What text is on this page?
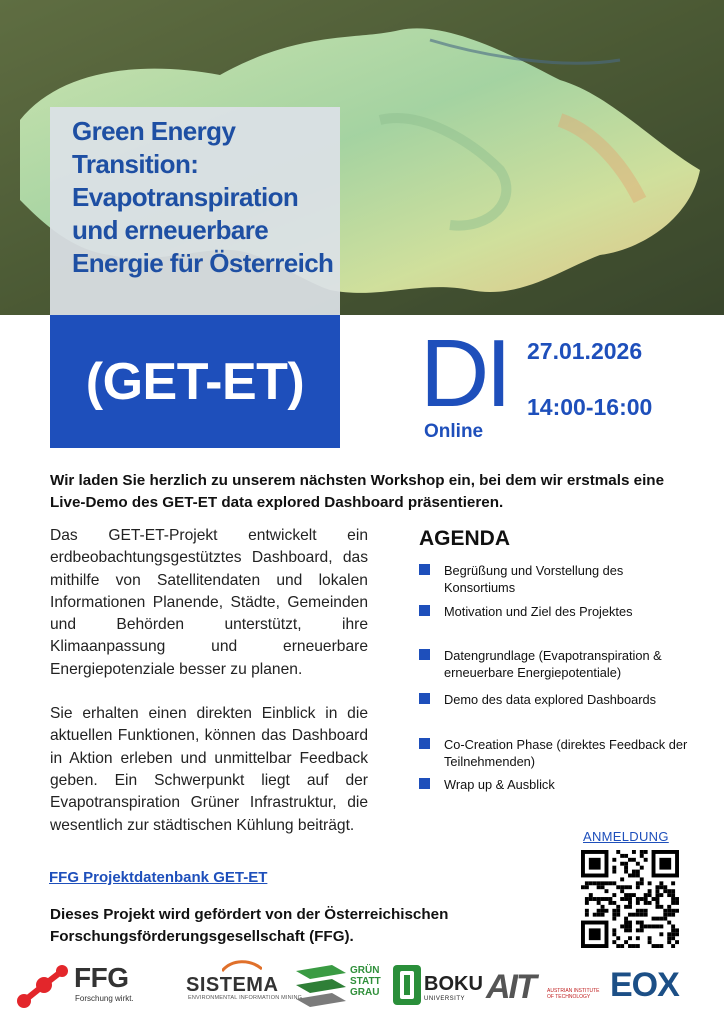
Green Energy
Transition:
Evapotranspiration
und erneuerbare
Energie für Österreich
(GET-ET) DI
Online
27.01.2026
14:00-16:00
Wir laden Sie herzlich zu unserem nächsten Workshop ein, bei dem wir erstmals eine Live-Demo des GET-ET data explored Dashboard präsentieren.

Das GET-ET-Projekt entwickelt ein erdbeobachtungsgestütztes Dashboard, das mithilfe von Satellitendaten und lokalen Informationen Planende, Städte, Gemeinden und Behörden unterstützt, ihre Klimaanpassung und erneuerbare Energiepotenziale besser zu planen.

Sie erhalten einen direkten Einblick in die aktuellen Funktionen, können das Dashboard in Aktion erleben und unmittelbar Feedback geben. Ein Schwerpunkt liegt auf der Evapotranspiration Grüner Infrastruktur, die wesentlich zur städtischen Kühlung beiträgt.

AGENDA
Begrüßung und Vorstellung des Konsortiums
Motivation und Ziel des Projektes
Datengrundlage (Evapotranspiration & erneuerbare Energiepotentiale)
Demo des data explored Dashboards
Co-Creation Phase (direktes Feedback der Teilnehmenden)
Wrap up & Ausblick
ANMELDUNG
FFG Projektdatenbank GET-ET
Dieses Projekt wird gefördert von der Österreichischen Forschungsförderungsgesellschaft (FFG).
FFG
Forschung wirkt.
SISTEMA
ENVIRONMENTAL INFORMATION MINING
GRÜN STATT GRAU BOKU
UNIVERSITY AIT AUSTRIAN INSTITUTE OF TECHNOLOGY EOX
